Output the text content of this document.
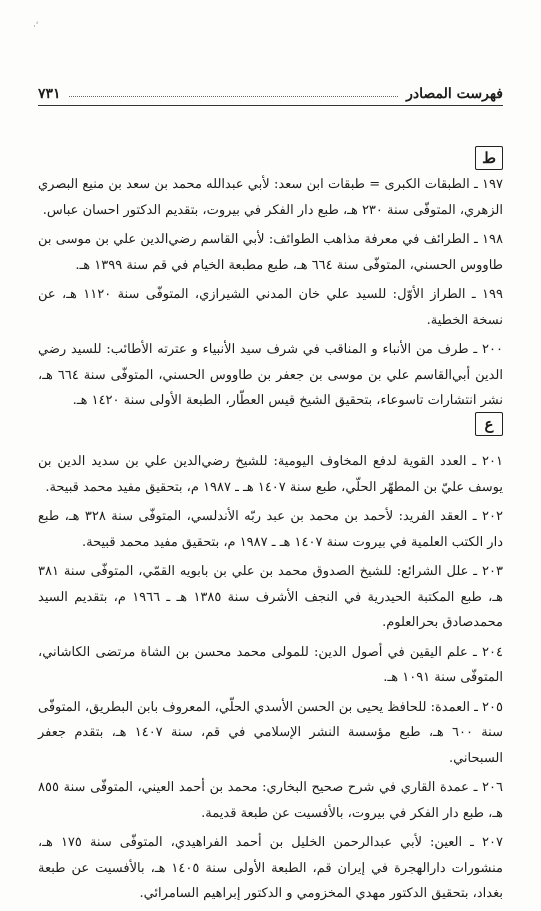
·ʹ
فهرست المصادر
٧٣١
ط

١٩٧ ـ الطبقات الكبرى = طبقات ابن سعد: لأبي عبدالله محمد بن سعد بن منيع البصري الزهري، المتوفّى سنة ٢٣٠ هـ، طبع دار الفكر في بيروت، بتقديم الدكتور احسان عباس.

١٩٨ ـ الطرائف في معرفة مذاهب الطوائف: لأبي القاسم رضي‌الدين علي بن موسى بن طاووس الحسني، المتوفّى سنة ٦٦٤ هـ، طبع مطبعة الخيام في قم سنة ١٣٩٩ هـ.

١٩٩ ـ الطراز الأوّل: للسيد علي خان المدني الشيرازي، المتوفّى سنة ١١٢٠ هـ، عن نسخة الخطية.

٢٠٠ ـ طرف من الأنباء و المناقب في شرف سيد الأنبياء و عترته الأطائب: للسيد رضي الدين أبي‌القاسم علي بن موسى بن جعفر بن طاووس الحسني، المتوفّى سنة ٦٦٤ هـ، نشر انتشارات تاسوعاء، بتحقيق الشيخ قيس العطّار، الطبعة الأولى سنة ١٤٢٠ هـ.

ع

٢٠١ ـ العدد القوية لدفع المخاوف اليومية: للشيخ رضي‌الدين علي بن سديد الدين بن يوسف عليّ بن المطهّر الحلّي، طبع سنة ١٤٠٧ هـ ـ ١٩٨٧ م، بتحقيق مفيد محمد قبيحة.

٢٠٢ ـ العقد الفريد: لأحمد بن محمد بن عبد ربّه الأندلسي، المتوفّى سنة ٣٢٨ هـ، طبع دار الكتب العلمية في بيروت سنة ١٤٠٧ هـ ـ ١٩٨٧ م، بتحقيق مفيد محمد قبيحة.

٢٠٣ ـ علل الشرائع: للشيخ الصدوق محمد بن علي بن بابويه القمّي، المتوفّى سنة ٣٨١ هـ، طبع المكتبة الحيدرية في النجف الأشرف سنة ١٣٨٥ هـ ـ ١٩٦٦ م، بتقديم السيد محمدصادق بحرالعلوم.

٢٠٤ ـ علم اليقين في أصول الدين: للمولى محمد محسن بن الشاة مرتضى الكاشاني، المتوفّى سنة ١٠٩١ هـ.

٢٠٥ ـ العمدة: للحافظ يحيى بن الحسن الأسدي الحلّي، المعروف بابن البطريق، المتوفّى سنة ٦٠٠ هـ، طبع مؤسسة النشر الإسلامي في قم، سنة ١٤٠٧ هـ، بتقدم جعفر السبحاني.

٢٠٦ ـ عمدة القاري في شرح صحيح البخاري: محمد بن أحمد العيني، المتوفّى سنة ٨٥٥ هـ، طبع دار الفكر في بيروت، بالأفسيت عن طبعة قديمة.

٢٠٧ ـ العين: لأبي عبدالرحمن الخليل بن أحمد الفراهيدي، المتوفّى سنة ١٧٥ هـ، منشورات دارالهجرة في إيران قم، الطبعة الأولى سنة ١٤٠٥ هـ، بالأفسيت عن طبعة بغداد، بتحقيق الدكتور مهدي المخزومي و الدكتور إبراهيم السامرائي.
